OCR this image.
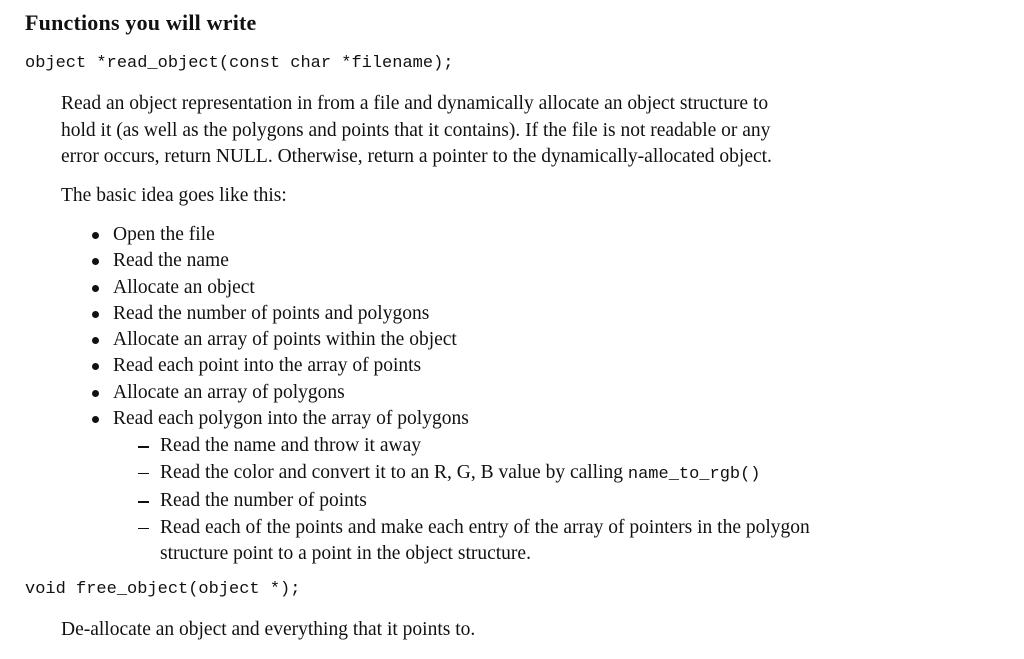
Functions you will write
object *read_object(const char *filename);
Read an object representation in from a file and dynamically allocate an object structure to
hold it (as well as the polygons and points that it contains). If the file is not readable or any
error occurs, return NULL. Otherwise, return a pointer to the dynamically-allocated object.
The basic idea goes like this:
Open the file
Read the name
Allocate an object
Read the number of points and polygons
Allocate an array of points within the object
Read each point into the array of points
Allocate an array of polygons
Read each polygon into the array of polygons
Read the name and throw it away
Read the color and convert it to an R, G, B value by calling name_to_rgb()
Read the number of points
Read each of the points and make each entry of the array of pointers in the polygon
structure point to a point in the object structure.
void free_object(object *);
De-allocate an object and everything that it points to.
